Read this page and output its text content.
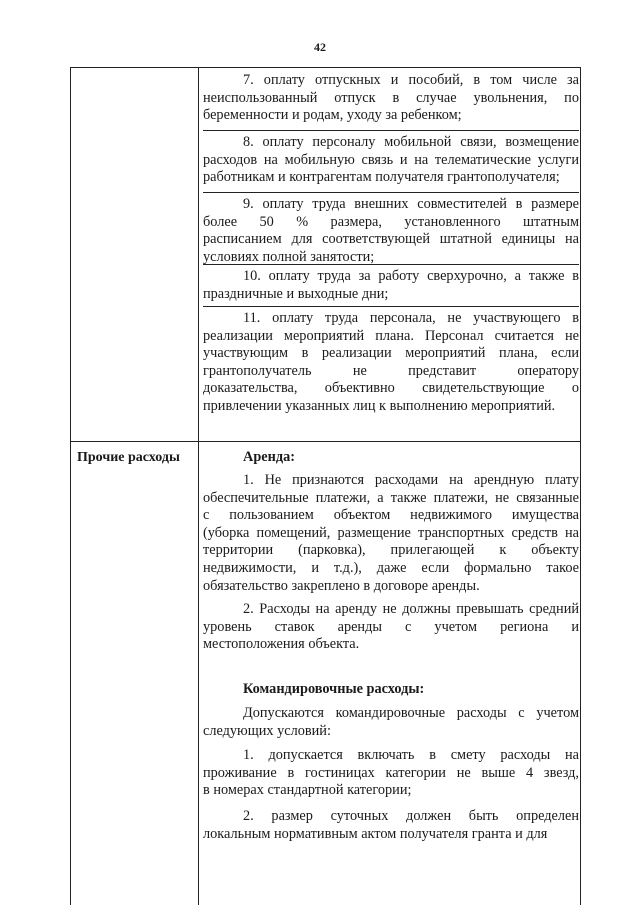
42
Прочие расходы
7. оплату отпускных и пособий, в том числе за
неиспользованный отпуск в случае увольнения, по
беременности и родам, уходу за ребенком;
8. оплату персоналу мобильной связи, возмещение
расходов на мобильную связь и на телематические услуги
работникам и контрагентам получателя грантополучателя;
9. оплату труда внешних совместителей в размере
более 50 % размера, установленного штатным
расписанием для соответствующей штатной единицы на
условиях полной занятости;
10. оплату труда за работу сверхурочно, а также в
праздничные и выходные дни;
11. оплату труда персонала, не участвующего в
реализации мероприятий плана. Персонал считается не
участвующим в реализации мероприятий плана, если
грантополучатель не представит оператору
доказательства, объективно свидетельствующие о
привлечении указанных лиц к выполнению мероприятий.
Аренда:
1. Не признаются расходами на арендную плату
обеспечительные платежи, а также платежи, не связанные
с пользованием объектом недвижимого имущества
(уборка помещений, размещение транспортных средств на
территории (парковка), прилегающей к объекту
недвижимости, и т.д.), даже если формально такое
обязательство закреплено в договоре аренды.
2. Расходы на аренду не должны превышать средний
уровень ставок аренды с учетом региона и
местоположения объекта.
Командировочные расходы:
Допускаются командировочные расходы с учетом
следующих условий:
1. допускается включать в смету расходы на
проживание в гостиницах категории не выше 4 звезд,
в номерах стандартной категории;
2. размер суточных должен быть определен
локальным нормативным актом получателя гранта и для
